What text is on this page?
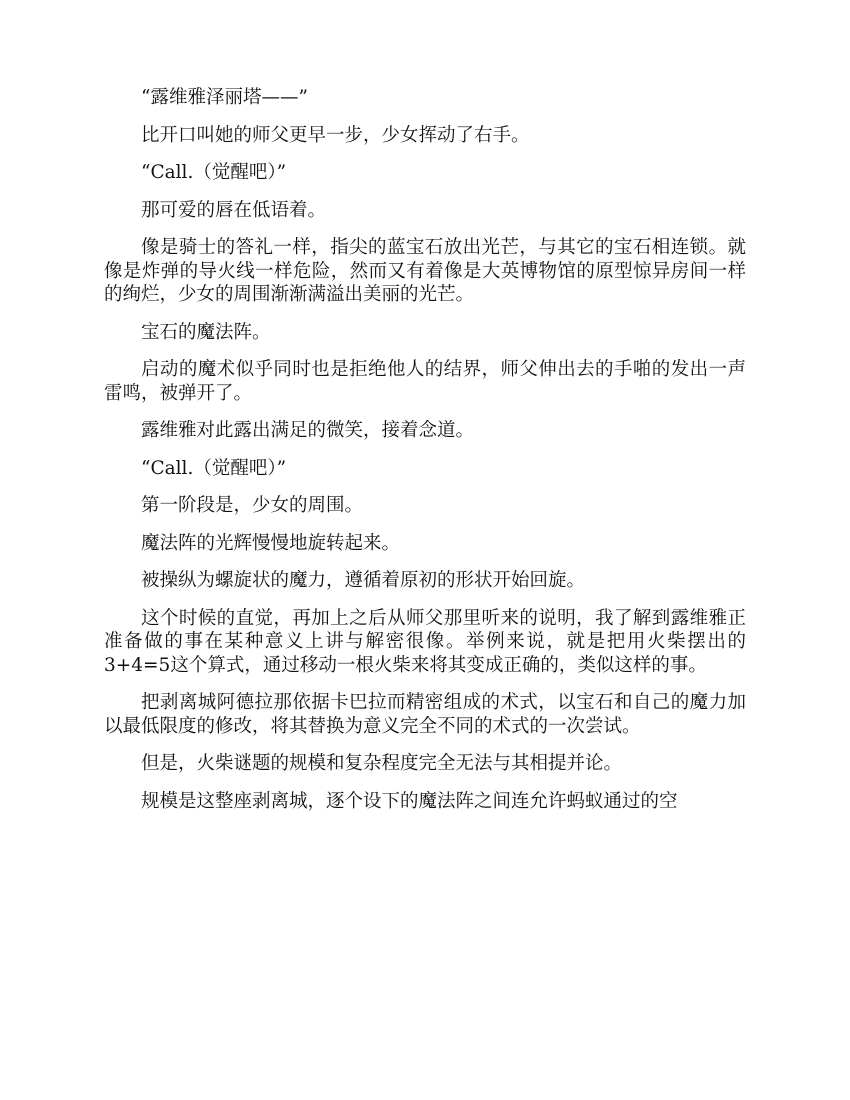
“露维雅泽丽塔——”

比开口叫她的师父更早一步，少女挥动了右手。

“Call.（觉醒吧）”

那可爱的唇在低语着。

像是骑士的答礼一样，指尖的蓝宝石放出光芒，与其它的宝石相连锁。就像是炸弹的导火线一样危险，然而又有着像是大英博物馆的原型惊异房间一样的绚烂，少女的周围渐渐满溢出美丽的光芒。

宝石的魔法阵。

启动的魔术似乎同时也是拒绝他人的结界，师父伸出去的手啪的发出一声雷鸣，被弹开了。

露维雅对此露出满足的微笑，接着念道。

“Call.（觉醒吧）”

第一阶段是，少女的周围。

魔法阵的光辉慢慢地旋转起来。

被操纵为螺旋状的魔力，遵循着原初的形状开始回旋。

这个时候的直觉，再加上之后从师父那里听来的说明，我了解到露维雅正准备做的事在某种意义上讲与解密很像。举例来说，就是把用火柴摆出的3+4=5这个算式，通过移动一根火柴来将其变成正确的，类似这样的事。

把剥离城阿德拉那依据卡巴拉而精密组成的术式，以宝石和自己的魔力加以最低限度的修改，将其替换为意义完全不同的术式的一次尝试。

但是，火柴谜题的规模和复杂程度完全无法与其相提并论。

规模是这整座剥离城，逐个设下的魔法阵之间连允许蚂蚁通过的空
